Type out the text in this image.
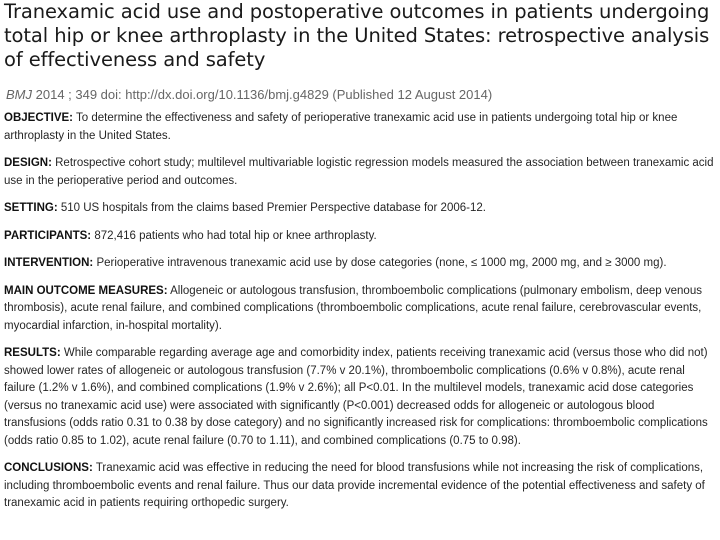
Tranexamic acid use and postoperative outcomes in patients undergoing total hip or knee arthroplasty in the United States: retrospective analysis of effectiveness and safety
BMJ 2014 ; 349 doi: http://dx.doi.org/10.1136/bmj.g4829 (Published 12 August 2014)

OBJECTIVE: To determine the effectiveness and safety of perioperative tranexamic acid use in patients undergoing total hip or knee arthroplasty in the United States.

DESIGN: Retrospective cohort study; multilevel multivariable logistic regression models measured the association between tranexamic acid use in the perioperative period and outcomes.

SETTING: 510 US hospitals from the claims based Premier Perspective database for 2006-12.

PARTICIPANTS: 872,416 patients who had total hip or knee arthroplasty.

INTERVENTION: Perioperative intravenous tranexamic acid use by dose categories (none, ≤ 1000 mg, 2000 mg, and ≥ 3000 mg).

MAIN OUTCOME MEASURES: Allogeneic or autologous transfusion, thromboembolic complications (pulmonary embolism, deep venous thrombosis), acute renal failure, and combined complications (thromboembolic complications, acute renal failure, cerebrovascular events, myocardial infarction, in-hospital mortality).

RESULTS: While comparable regarding average age and comorbidity index, patients receiving tranexamic acid (versus those who did not) showed lower rates of allogeneic or autologous transfusion (7.7% v 20.1%), thromboembolic complications (0.6% v 0.8%), acute renal failure (1.2% v 1.6%), and combined complications (1.9% v 2.6%); all P<0.01. In the multilevel models, tranexamic acid dose categories (versus no tranexamic acid use) were associated with significantly (P<0.001) decreased odds for allogeneic or autologous blood transfusions (odds ratio 0.31 to 0.38 by dose category) and no significantly increased risk for complications: thromboembolic complications (odds ratio 0.85 to 1.02), acute renal failure (0.70 to 1.11), and combined complications (0.75 to 0.98).

CONCLUSIONS: Tranexamic acid was effective in reducing the need for blood transfusions while not increasing the risk of complications, including thromboembolic events and renal failure. Thus our data provide incremental evidence of the potential effectiveness and safety of tranexamic acid in patients requiring orthopedic surgery.
